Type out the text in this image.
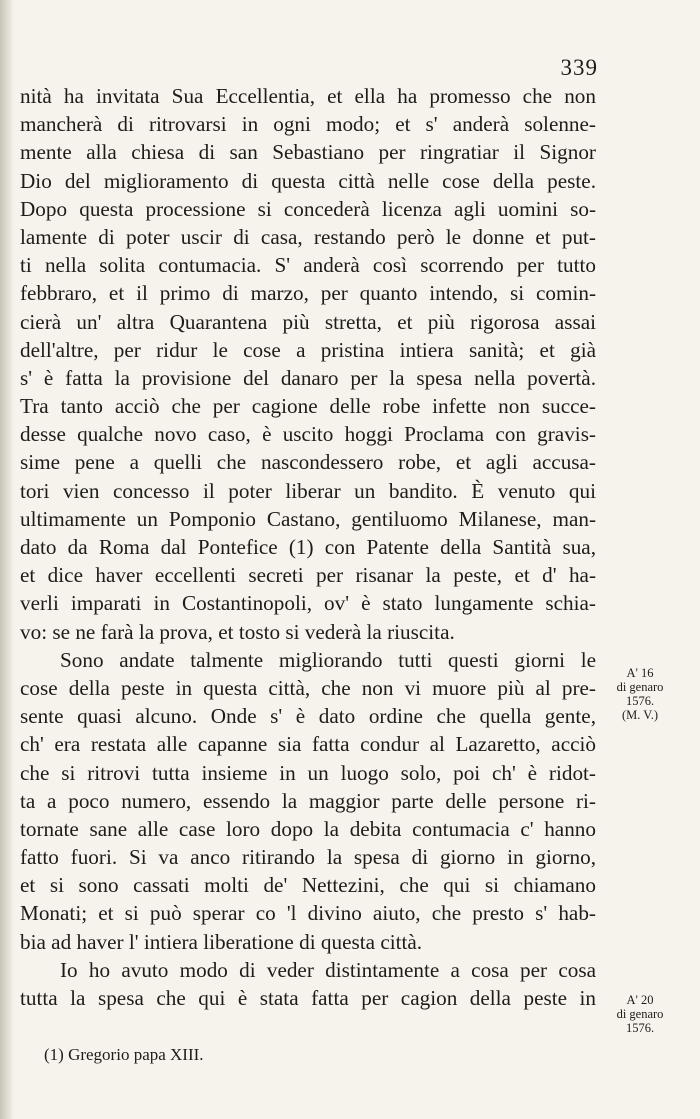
339
nità ha invitata Sua Eccellentia, et ella ha promesso che non
mancherà di ritrovarsi in ogni modo; et s' anderà solenne-
mente alla chiesa di san Sebastiano per ringratiar il Signor
Dio del miglioramento di questa città nelle cose della peste.
Dopo questa processione si concederà licenza agli uomini so-
lamente di poter uscir di casa, restando però le donne et put-
ti nella solita contumacia. S' anderà così scorrendo per tutto
febbraro, et il primo di marzo, per quanto intendo, si comin-
cierà un' altra Quarantena più stretta, et più rigorosa assai
dell'altre, per ridur le cose a pristina intiera sanità; et già
s' è fatta la provisione del danaro per la spesa nella povertà.
Tra tanto acciò che per cagione delle robe infette non succe-
desse qualche novo caso, è uscito hoggi Proclama con gravis-
sime pene a quelli che nascondessero robe, et agli accusa-
tori vien concesso il poter liberar un bandito. È venuto qui
ultimamente un Pomponio Castano, gentiluomo Milanese, man-
dato da Roma dal Pontefice (1) con Patente della Santità sua,
et dice haver eccellenti secreti per risanar la peste, et d' ha-
verli imparati in Costantinopoli, ov' è stato lungamente schia-
vo: se ne farà la prova, et tosto si vederà la riuscita.
Sono andate talmente migliorando tutti questi giorni le
cose della peste in questa città, che non vi muore più al pre-
sente quasi alcuno. Onde s' è dato ordine che quella gente,
ch' era restata alle capanne sia fatta condur al Lazaretto, acciò
che si ritrovi tutta insieme in un luogo solo, poi ch' è ridot-
ta a poco numero, essendo la maggior parte delle persone ri-
tornate sane alle case loro dopo la debita contumacia c' hanno
fatto fuori. Si va anco ritirando la spesa di giorno in giorno,
et si sono cassati molti de' Nettezini, che qui si chiamano
Monati; et si può sperar co 'l divino aiuto, che presto s' hab-
bia ad haver l' intiera liberatione di questa città.
Io ho avuto modo di veder distintamente a cosa per cosa
tutta la spesa che qui è stata fatta per cagion della peste in
A' 16
di genaro
1576.
(M. V.)
A' 20
di genaro
1576.
(1) Gregorio papa XIII.
